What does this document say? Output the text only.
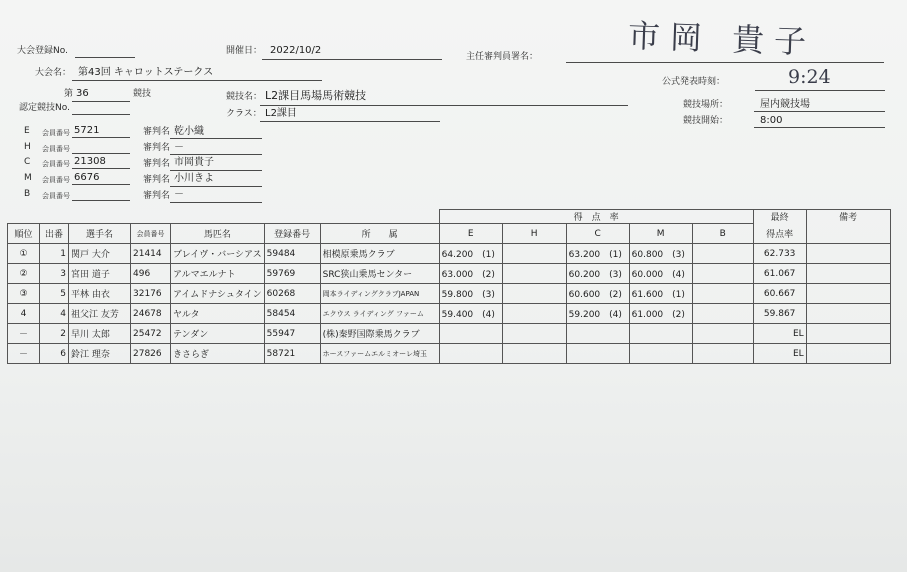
大会登録No.	開催日： 2022/10/2
主任審判員署名：	市岡 貴子
大会名： 第43回 キャロットステークス
公式発表時刻：	9:24
第 36	競技	競技名： L2課目馬場馬術競技
競技場所：	屋内競技場
認定競技No.
クラス： L2課目
競技開始：	8:00
E 会員番号 5721	審判名 乾小織
H 会員番号	審判名 －
C 会員番号 21308	審判名 市岡貴子
M 会員番号 6676	審判名 小川きよ
B 会員番号	審判名 －
							得　点　率					最終	備考
順位	出番	選手名	会員番号	馬匹名	登録番号	所　　属	E	H	C	M	B	得点率	
①	1	関戸 大介	21414	ブレイヴ・バーシアス	59484	相模原乗馬クラブ	64.200　(1)		63.200　(1)	60.800　(3)		62.733	
②	3	宮田 道子	496	アルマエルナト	59769	SRC狭山乗馬センター	63.000　(2)		60.200　(3)	60.000　(4)		61.067	
③	5	平林 由衣	32176	アイムドナシュタイン	60268	岡本ライディングクラブJAPAN	59.800　(3)		60.600　(2)	61.600　(1)		60.667	
4	4	祖父江 友芳	24678	ヤルタ	58454	エクウス ライディング ファーム	59.400　(4)		59.200　(4)	61.000　(2)		59.867	
－	2	早川 太郎	25472	テンダン	55947	(株)秦野国際乗馬クラブ						EL	
－	6	鈴江 理奈	27826	きさらぎ	58721	ホースファームエルミオーレ埼玉						EL	
